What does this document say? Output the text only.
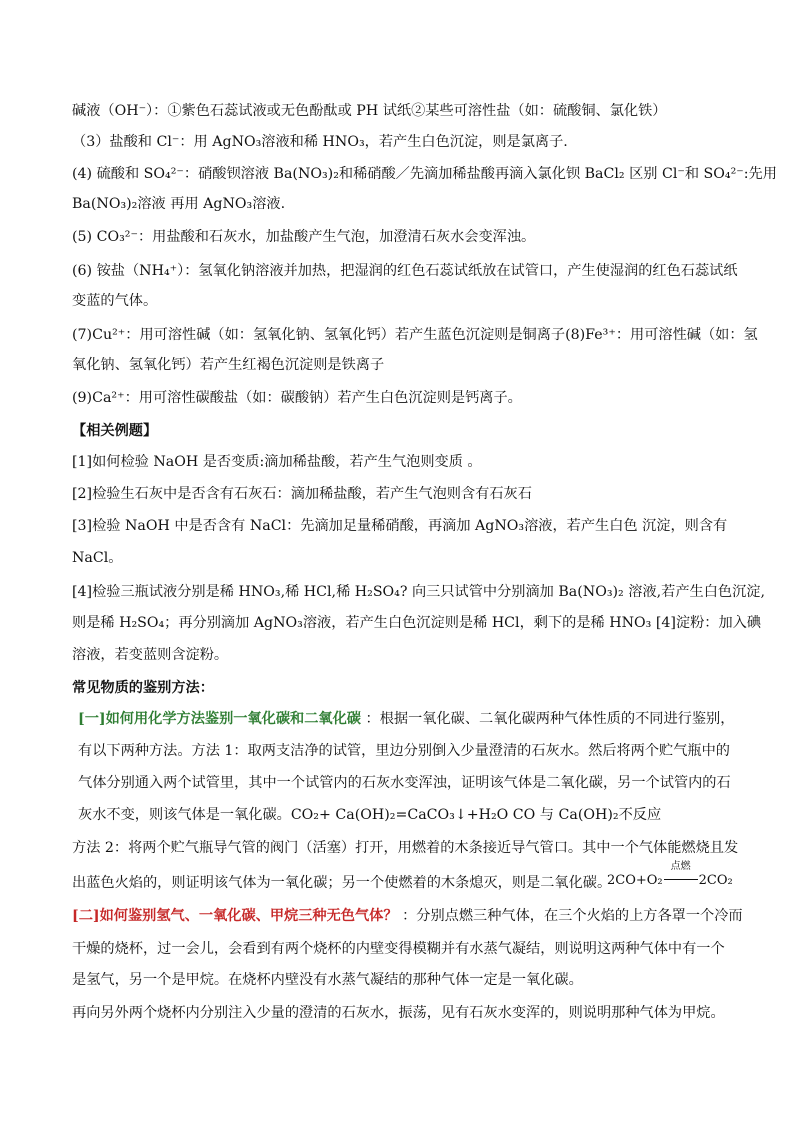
碱液（OH⁻）：①紫色石蕊试液或无色酚酞或 PH 试纸②某些可溶性盐（如：硫酸铜、氯化铁）
（3）盐酸和 Cl⁻：用 AgNO₃溶液和稀 HNO₃，若产生白色沉淀，则是氯离子.
(4) 硫酸和 SO₄²⁻：硝酸钡溶液 Ba(NO₃)₂和稀硝酸／先滴加稀盐酸再滴入氯化钡 BaCl₂ 区别 Cl⁻和 SO₄²⁻:先用
Ba(NO₃)₂溶液 再用 AgNO₃溶液.
(5) CO₃²⁻：用盐酸和石灰水，加盐酸产生气泡，加澄清石灰水会变浑浊。
(6) 铵盐（NH₄⁺）：氢氧化钠溶液并加热，把湿润的红色石蕊试纸放在试管口，产生使湿润的红色石蕊试纸
变蓝的气体。
(7)Cu²⁺：用可溶性碱（如：氢氧化钠、氢氧化钙）若产生蓝色沉淀则是铜离子(8)Fe³⁺：用可溶性碱（如：氢
氧化钠、氢氧化钙）若产生红褐色沉淀则是铁离子
(9)Ca²⁺：用可溶性碳酸盐（如：碳酸钠）若产生白色沉淀则是钙离子。
【相关例题】
[1]如何检验 NaOH 是否变质:滴加稀盐酸，若产生气泡则变质 。
[2]检验生石灰中是否含有石灰石：滴加稀盐酸，若产生气泡则含有石灰石
[3]检验 NaOH 中是否含有 NaCl：先滴加足量稀硝酸，再滴加 AgNO₃溶液，若产生白色 沉淀，则含有
NaCl。
[4]检验三瓶试液分别是稀 HNO₃,稀 HCl,稀 H₂SO₄? 向三只试管中分别滴加 Ba(NO₃)₂ 溶液,若产生白色沉淀,
则是稀 H₂SO₄；再分别滴加 AgNO₃溶液，若产生白色沉淀则是稀 HCl，剩下的是稀 HNO₃ [4]淀粉：加入碘
溶液，若变蓝则含淀粉。
常见物质的鉴别方法：
[一]如何用化学方法鉴别一氧化碳和二氧化碳 ：根据一氧化碳、二氧化碳两种气体性质的不同进行鉴别，
有以下两种方法。方法 1：取两支洁净的试管，里边分别倒入少量澄清的石灰水。然后将两个贮气瓶中的
气体分别通入两个试管里，其中一个试管内的石灰水变浑浊，证明该气体是二氧化碳，另一个试管内的石
灰水不变，则该气体是一氧化碳。CO₂+ Ca(OH)₂=CaCO₃↓+H₂O CO 与 Ca(OH)₂不反应
方法 2：将两个贮气瓶导气管的阀门（活塞）打开，用燃着的木条接近导气管口。其中一个气体能燃烧且发
出蓝色火焰的，则证明该气体为一氧化碳；另一个使燃着的木条熄灭，则是二氧化碳。
2CO+O₂
点燃
2CO₂
[二]如何鉴别氢气、一氧化碳、甲烷三种无色气体？ ：分别点燃三种气体，在三个火焰的上方各罩一个冷而
干燥的烧杯，过一会儿，会看到有两个烧杯的内壁变得模糊并有水蒸气凝结，则说明这两种气体中有一个
是氢气，另一个是甲烷。在烧杯内壁没有水蒸气凝结的那种气体一定是一氧化碳。
再向另外两个烧杯内分别注入少量的澄清的石灰水，振荡，见有石灰水变浑的，则说明那种气体为甲烷。
